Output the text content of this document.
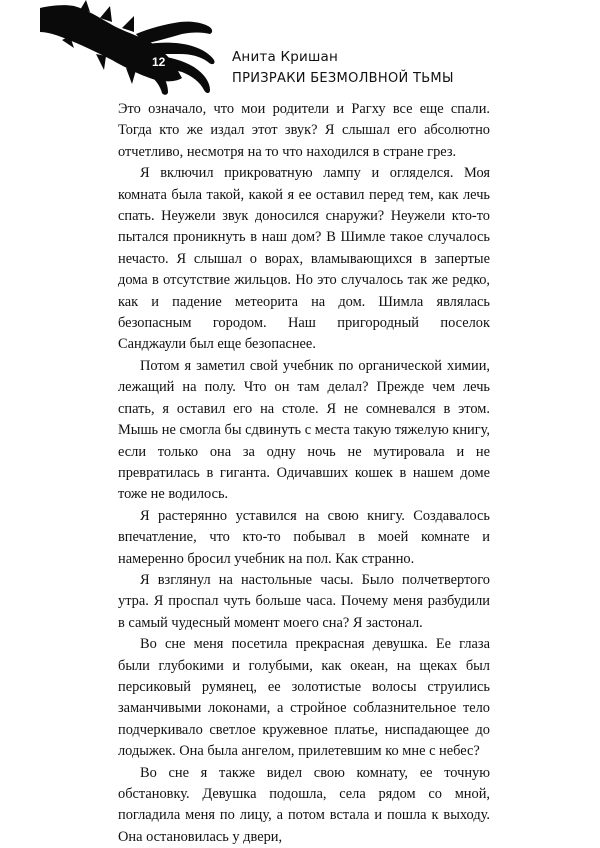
12	Анита Кришан
ПРИЗРАКИ БЕЗМОЛВНОЙ ТЬМЫ

Это означало, что мои родители и Рагху все еще спали. Тогда кто же издал этот звук? Я слышал его абсолютно отчетливо, несмотря на то что находился в стране грез.

Я включил прикроватную лампу и огляделся. Моя комната была такой, какой я ее оставил перед тем, как лечь спать. Неужели звук доносился снаружи? Неужели кто-то пытался проникнуть в наш дом? В Шимле такое случалось нечасто. Я слышал о ворах, вламывающихся в запертые дома в отсутствие жильцов. Но это случалось так же редко, как и падение метеорита на дом. Шимла являлась безопасным городом. Наш пригородный поселок Санджаули был еще безопаснее.

Потом я заметил свой учебник по органической химии, лежащий на полу. Что он там делал? Прежде чем лечь спать, я оставил его на столе. Я не сомневался в этом. Мышь не смогла бы сдвинуть с места такую тяжелую книгу, если только она за одну ночь не мутировала и не превратилась в гиганта. Одичавших кошек в нашем доме тоже не водилось.

Я растерянно уставился на свою книгу. Создавалось впечатление, что кто-то побывал в моей комнате и намеренно бросил учебник на пол. Как странно.

Я взглянул на настольные часы. Было полчетвертого утра. Я проспал чуть больше часа. Почему меня разбудили в самый чудесный момент моего сна? Я застонал.

Во сне меня посетила прекрасная девушка. Ее глаза были глубокими и голубыми, как океан, на щеках был персиковый румянец, ее золотистые волосы струились заманчивыми локонами, а стройное соблазнительное тело подчеркивало светлое кружевное платье, ниспадающее до лодыжек. Она была ангелом, прилетевшим ко мне с небес?

Во сне я также видел свою комнату, ее точную обстановку. Девушка подошла, села рядом со мной, погладила меня по лицу, а потом встала и пошла к выходу. Она остановилась у двери,
